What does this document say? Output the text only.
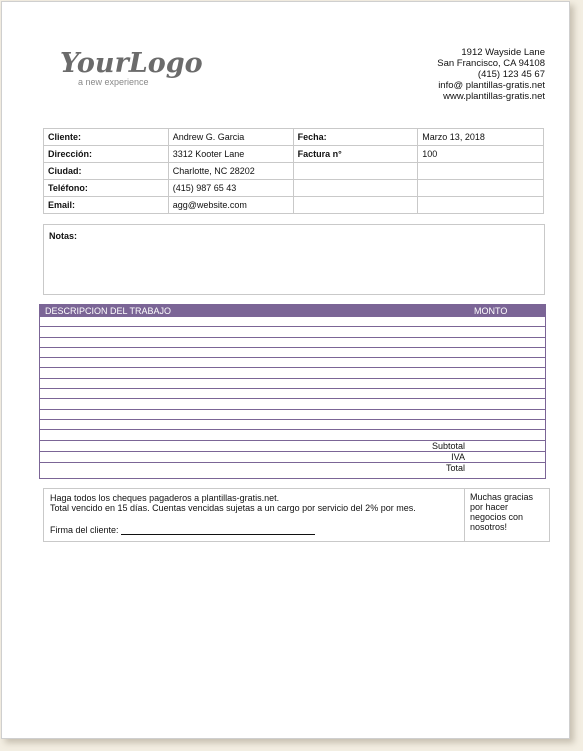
YourLogo
a new experience
1912 Wayside Lane
San Francisco, CA 94108
(415) 123 45 67
info@ plantillas-gratis.net
www.plantillas-gratis.net
Cliente:	Andrew G. Garcia	Fecha:	Marzo 13, 2018
Dirección:	3312 Kooter Lane	Factura n°	100
Ciudad:	Charlotte, NC 28202		
Teléfono:	(415) 987 65 43		
Email:	agg@website.com		
Notas:
DESCRIPCION DEL TRABAJO	MONTO
Subtotal
IVA
Total
Haga todos los cheques pagaderos a plantillas-gratis.net.
Total vencido en 15 días. Cuentas vencidas sujetas a un cargo por servicio del 2% por mes.
Firma del cliente:
Muchas gracias por hacer negocios con nosotros!
